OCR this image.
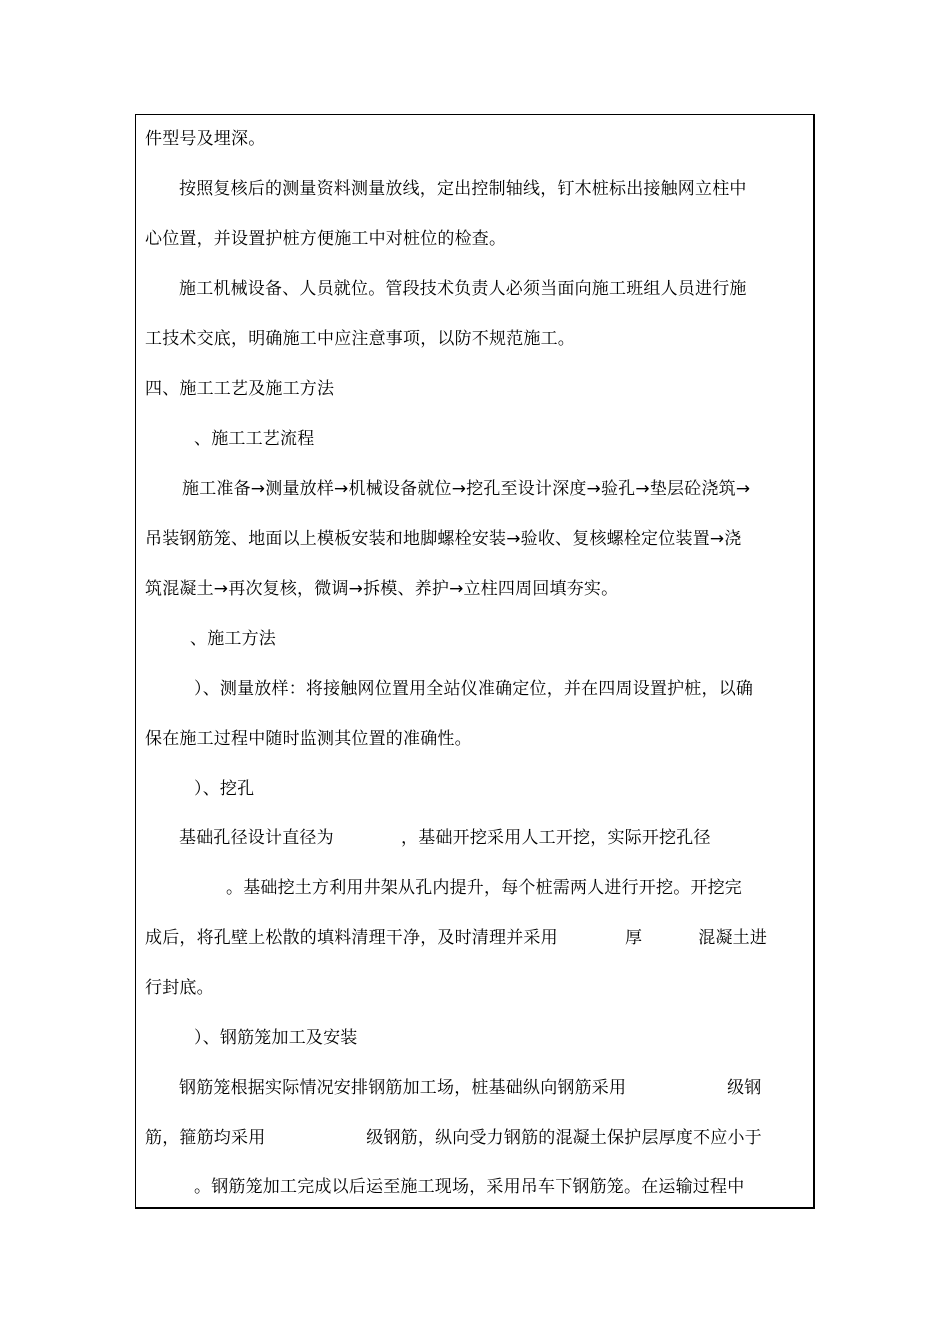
件型号及埋深。
按照复核后的测量资料测量放线，定出控制轴线，钉木桩标出接触网立柱中
心位置，并设置护桩方便施工中对桩位的检查。
施工机械设备、人员就位。管段技术负责人必须当面向施工班组人员进行施
工技术交底，明确施工中应注意事项，以防不规范施工。
四、施工工艺及施工方法
、施工工艺流程
施工准备→测量放样→机械设备就位→挖孔至设计深度→验孔→垫层砼浇筑→
吊装钢筋笼、地面以上模板安装和地脚螺栓安装→验收、复核螺栓定位装置→浇
筑混凝土→再次复核，微调→拆模、养护→立柱四周回填夯实。
、施工方法
）、测量放样：将接触网位置用全站仪准确定位，并在四周设置护桩，以确
保在施工过程中随时监测其位置的准确性。
）、挖孔
基础孔径设计直径为            ，基础开挖采用人工开挖，实际开挖孔径
。基础挖土方利用井架从孔内提升，每个桩需两人进行开挖。开挖完
成后，将孔壁上松散的填料清理干净，及时清理并采用            厚          混凝土进
行封底。
）、钢筋笼加工及安装
钢筋笼根据实际情况安排钢筋加工场，桩基础纵向钢筋采用                  级钢
筋，箍筋均采用                  级钢筋，纵向受力钢筋的混凝土保护层厚度不应小于
。钢筋笼加工完成以后运至施工现场，采用吊车下钢筋笼。在运输过程中
